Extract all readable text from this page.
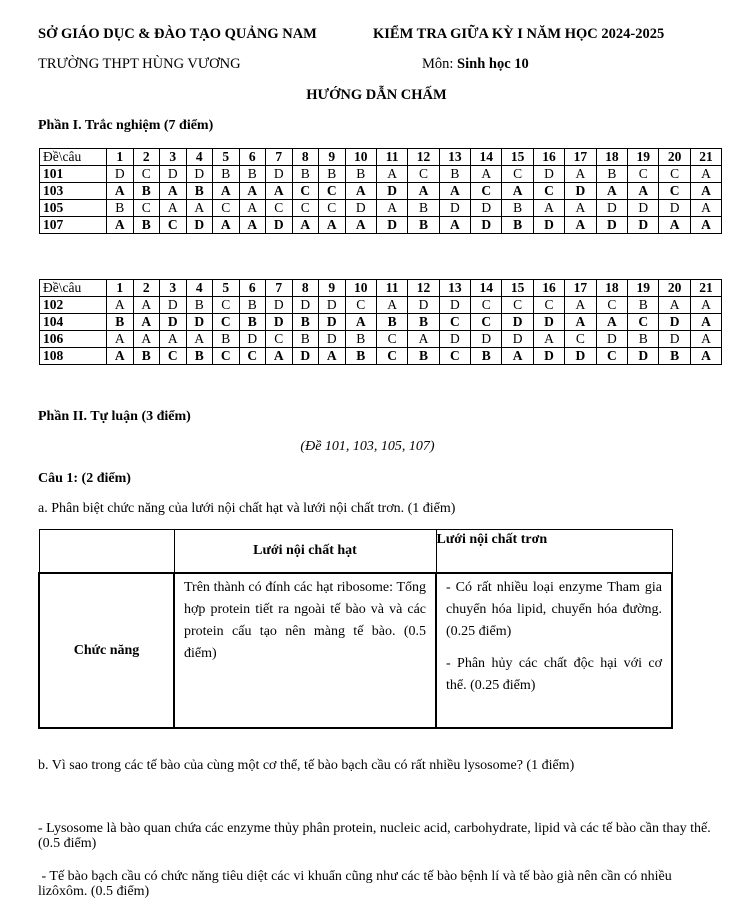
SỞ GIÁO DỤC & ĐÀO TẠO QUẢNG NAM	KIỂM TRA GIỮA KỲ I NĂM HỌC 2024-2025
TRƯỜNG THPT HÙNG VƯƠNG	Môn: Sinh học 10
HƯỚNG DẪN CHẤM
Phần I. Trắc nghiệm (7 điểm)
Đề\câu	1	2	3	4	5	6	7	8	9	10	11	12	13	14	15	16	17	18	19	20	21
101	D	C	D	D	B	B	D	B	B	B	A	C	B	A	C	D	A	B	C	C	A
103	A	B	A	B	A	A	A	C	C	A	D	A	A	C	A	C	D	A	A	C	A
105	B	C	A	A	C	A	C	C	C	D	A	B	D	D	B	A	A	D	D	D	A
107	A	B	C	D	A	A	D	A	A	A	D	B	A	D	B	D	A	D	D	A	A
Đề\câu	1	2	3	4	5	6	7	8	9	10	11	12	13	14	15	16	17	18	19	20	21
102	A	A	D	B	C	B	D	D	D	C	A	D	D	C	C	C	A	C	B	A	A
104	B	A	D	D	C	B	D	B	D	A	B	B	C	C	D	D	A	A	C	D	A
106	A	A	A	A	B	D	C	B	D	B	C	A	D	D	D	A	C	D	B	D	A
108	A	B	C	B	C	C	A	D	A	B	C	B	C	B	A	D	D	C	D	B	A
Phần II. Tự luận (3 điểm)
(Đề 101, 103, 105, 107)
Câu 1: (2 điểm)
a. Phân biệt chức năng của lưới nội chất hạt và lưới nội chất trơn. (1 điểm)
	Lưới nội chất hạt	Lưới nội chất trơn
Chức năng	Trên thành có đính các hạt ribosome: Tổng hợp protein tiết ra ngoài tế bào và và các protein cấu tạo nên màng tế bào. (0.5 điểm)	- Có rất nhiều loại enzyme Tham gia chuyển hóa lipid, chuyển hóa đường. (0.25 điểm)
- Phân hủy các chất độc hại với cơ thể. (0.25 điểm)
b. Vì sao trong các tế bào của cùng một cơ thể, tế bào bạch cầu có rất nhiều lysosome? (1 điểm)
- Lysosome là bào quan chứa các enzyme thủy phân protein, nucleic acid, carbohydrate, lipid và các tế bào cần thay thế. (0.5 điểm)
- Tế bào bạch cầu có chức năng tiêu diệt các vi khuẩn cũng như các tế bào bệnh lí và tế bào già nên cần có nhiều lizôxôm. (0.5 điểm)
